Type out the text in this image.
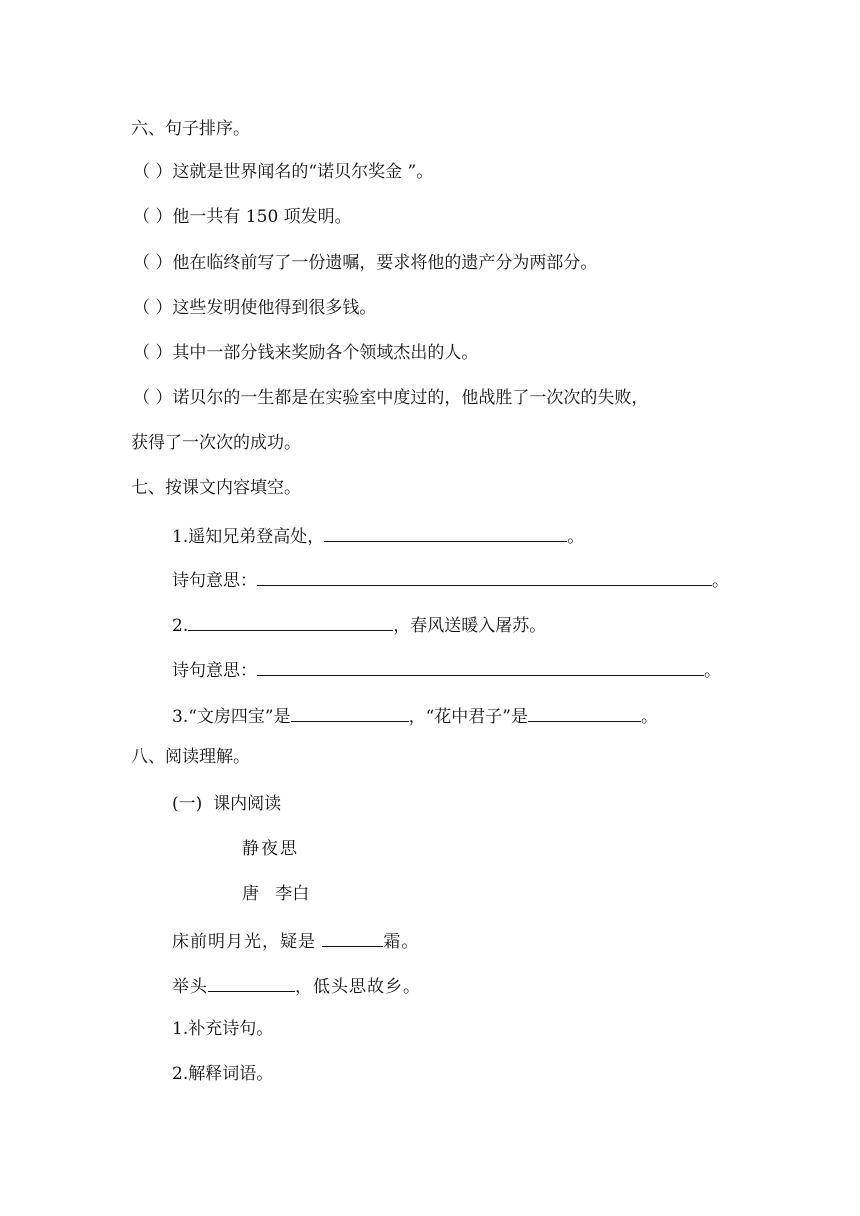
六、句子排序。
（ ）这就是世界闻名的“诺贝尔奖金 ”。
（ ）他一共有 150 项发明。
（ ）他在临终前写了一份遗嘱，要求将他的遗产分为两部分。
（ ）这些发明使他得到很多钱。
（ ）其中一部分钱来奖励各个领域杰出的人。
（ ）诺贝尔的一生都是在实验室中度过的，他战胜了一次次的失败，
获得了一次次的成功。
七、按课文内容填空。
1.遥知兄弟登高处，	。
诗句意思：	。
2.	，春风送暖入屠苏。
诗句意思：	。
3.“文房四宝”是	，“花中君子”是	。
八、阅读理解。
(一)  课内阅读
静夜思
唐   李白
床前明月光，疑是	霜。
举头	，低头思故乡。
1.补充诗句。
2.解释词语。
